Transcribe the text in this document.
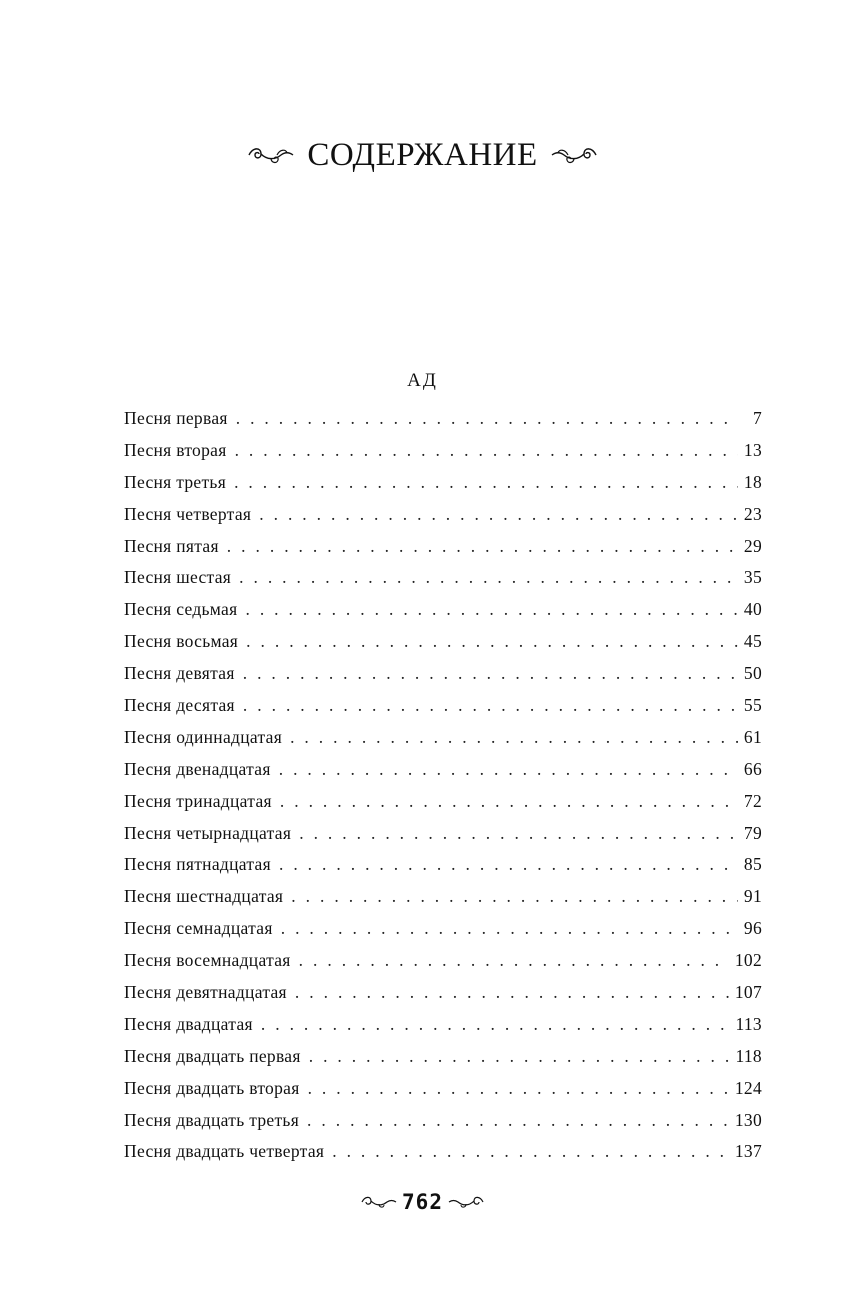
СОДЕРЖАНИЕ
АД
Песня первая . . .	7
Песня вторая . . .	13
Песня третья . . .	18
Песня четвертая . . .	23
Песня пятая . . .	29
Песня шестая . . .	35
Песня седьмая . . .	40
Песня восьмая . . .	45
Песня девятая . . .	50
Песня десятая . . .	55
Песня одиннадцатая . . .	61
Песня двенадцатая . . .	66
Песня тринадцатая . . .	72
Песня четырнадцатая . . .	79
Песня пятнадцатая . . .	85
Песня шестнадцатая . . .	91
Песня семнадцатая . . .	96
Песня восемнадцатая . . .	102
Песня девятнадцатая . . .	107
Песня двадцатая . . .	113
Песня двадцать первая . . .	118
Песня двадцать вторая . . .	124
Песня двадцать третья . . .	130
Песня двадцать четвертая . . .	137
762
